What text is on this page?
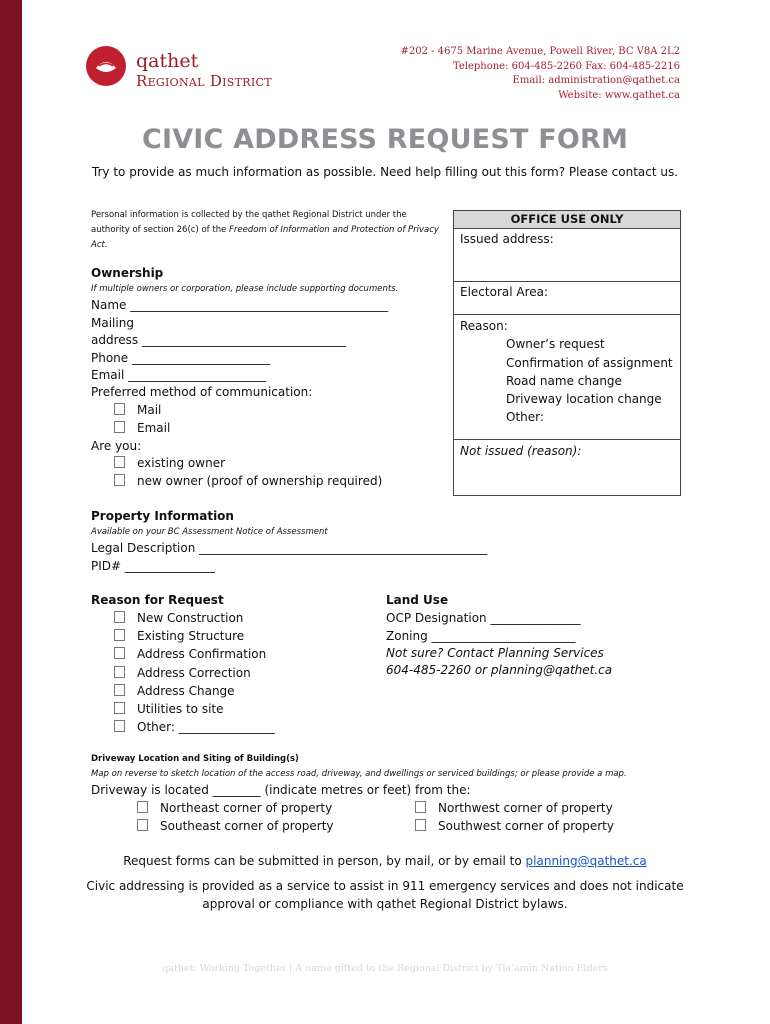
qathet
Regional District
#202 - 4675 Marine Avenue, Powell River, BC V8A 2L2
Telephone: 604-485-2260 Fax: 604-485-2216
Email: administration@qathet.ca
Website: www.qathet.ca
CIVIC ADDRESS REQUEST FORM
Try to provide as much information as possible. Need help filling out this form? Please contact us.
Personal information is collected by the qathet Regional District under the authority of section 26(c) of the Freedom of Information and Protection of Privacy Act.
Ownership
If multiple owners or corporation, please include supporting documents.
Name ___________________________________________
Mailing
address __________________________________
Phone _______________________
Email _______________________
Preferred method of communication:
Mail
Email
Are you:
existing owner
new owner (proof of ownership required)
OFFICE USE ONLY
Issued address:
Electoral Area:
Reason:
Owner’s request
Confirmation of assignment
Road name change
Driveway location change
Other:
Not issued (reason):
Property Information
Available on your BC Assessment Notice of Assessment
Legal Description ________________________________________________
PID# _______________
Reason for Request
New Construction
Existing Structure
Address Confirmation
Address Correction
Address Change
Utilities to site
Other: ________________
Land Use
OCP Designation _______________
Zoning ________________________
Not sure? Contact Planning Services
604-485-2260 or planning@qathet.ca
Driveway Location and Siting of Building(s)
Map on reverse to sketch location of the access road, driveway, and dwellings or serviced buildings; or please provide a map.
Driveway is located ________ (indicate metres or feet) from the:
Northeast corner of property	Northwest corner of property
Southeast corner of property	Southwest corner of property
Request forms can be submitted in person, by mail, or by email to planning@qathet.ca
Civic addressing is provided as a service to assist in 911 emergency services and does not indicate
approval or compliance with qathet Regional District bylaws.
qathet: Working Together | A name gifted to the Regional District by Tla’amin Nation Elders
